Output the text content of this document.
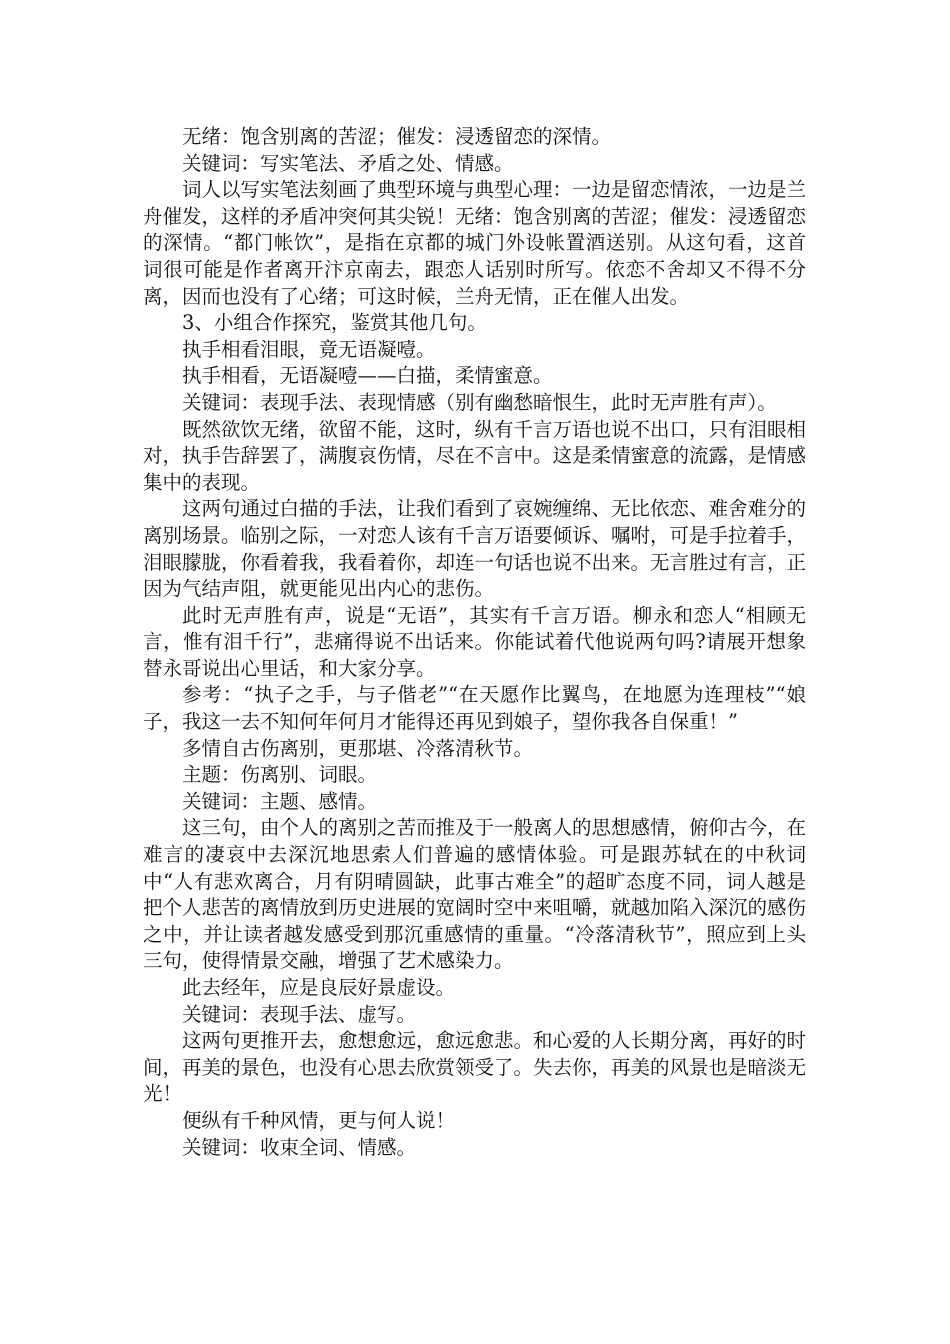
无绪：饱含别离的苦涩；催发：浸透留恋的深情。

关键词：写实笔法、矛盾之处、情感。

词人以写实笔法刻画了典型环境与典型心理：一边是留恋情浓，一边是兰舟催发，这样的矛盾冲突何其尖锐！无绪：饱含别离的苦涩；催发：浸透留恋的深情。“都门帐饮”，是指在京都的城门外设帐置酒送别。从这句看，这首词很可能是作者离开汴京南去，跟恋人话别时所写。依恋不舍却又不得不分离，因而也没有了心绪；可这时候，兰舟无情，正在催人出发。

3、小组合作探究，鉴赏其他几句。

执手相看泪眼，竟无语凝噎。

执手相看，无语凝噎——白描，柔情蜜意。

关键词：表现手法、表现情感（别有幽愁暗恨生，此时无声胜有声）。

既然欲饮无绪，欲留不能，这时，纵有千言万语也说不出口，只有泪眼相对，执手告辞罢了，满腹哀伤情，尽在不言中。这是柔情蜜意的流露，是情感集中的表现。

这两句通过白描的手法，让我们看到了哀婉缠绵、无比依恋、难舍难分的离别场景。临别之际，一对恋人该有千言万语要倾诉、嘱咐，可是手拉着手，泪眼朦胧，你看着我，我看着你，却连一句话也说不出来。无言胜过有言，正因为气结声阻，就更能见出内心的悲伤。

此时无声胜有声，说是“无语”，其实有千言万语。柳永和恋人“相顾无言，惟有泪千行”，悲痛得说不出话来。你能试着代他说两句吗?请展开想象替永哥说出心里话，和大家分享。

参考：“执子之手，与子偕老”“在天愿作比翼鸟，在地愿为连理枝”“娘子，我这一去不知何年何月才能得还再见到娘子，望你我各自保重！”

多情自古伤离别，更那堪、冷落清秋节。

主题：伤离别、词眼。

关键词：主题、感情。

这三句，由个人的离别之苦而推及于一般离人的思想感情，俯仰古今，在难言的凄哀中去深沉地思索人们普遍的感情体验。可是跟苏轼在的中秋词中“人有悲欢离合，月有阴晴圆缺，此事古难全”的超旷态度不同，词人越是把个人悲苦的离情放到历史进展的宽阔时空中来咀嚼，就越加陷入深沉的感伤之中，并让读者越发感受到那沉重感情的重量。“冷落清秋节”，照应到上头三句，使得情景交融，增强了艺术感染力。

此去经年，应是良辰好景虚设。

关键词：表现手法、虚写。

这两句更推开去，愈想愈远，愈远愈悲。和心爱的人长期分离，再好的时间，再美的景色，也没有心思去欣赏领受了。失去你，再美的风景也是暗淡无光！

便纵有千种风情，更与何人说！

关键词：收束全词、情感。
